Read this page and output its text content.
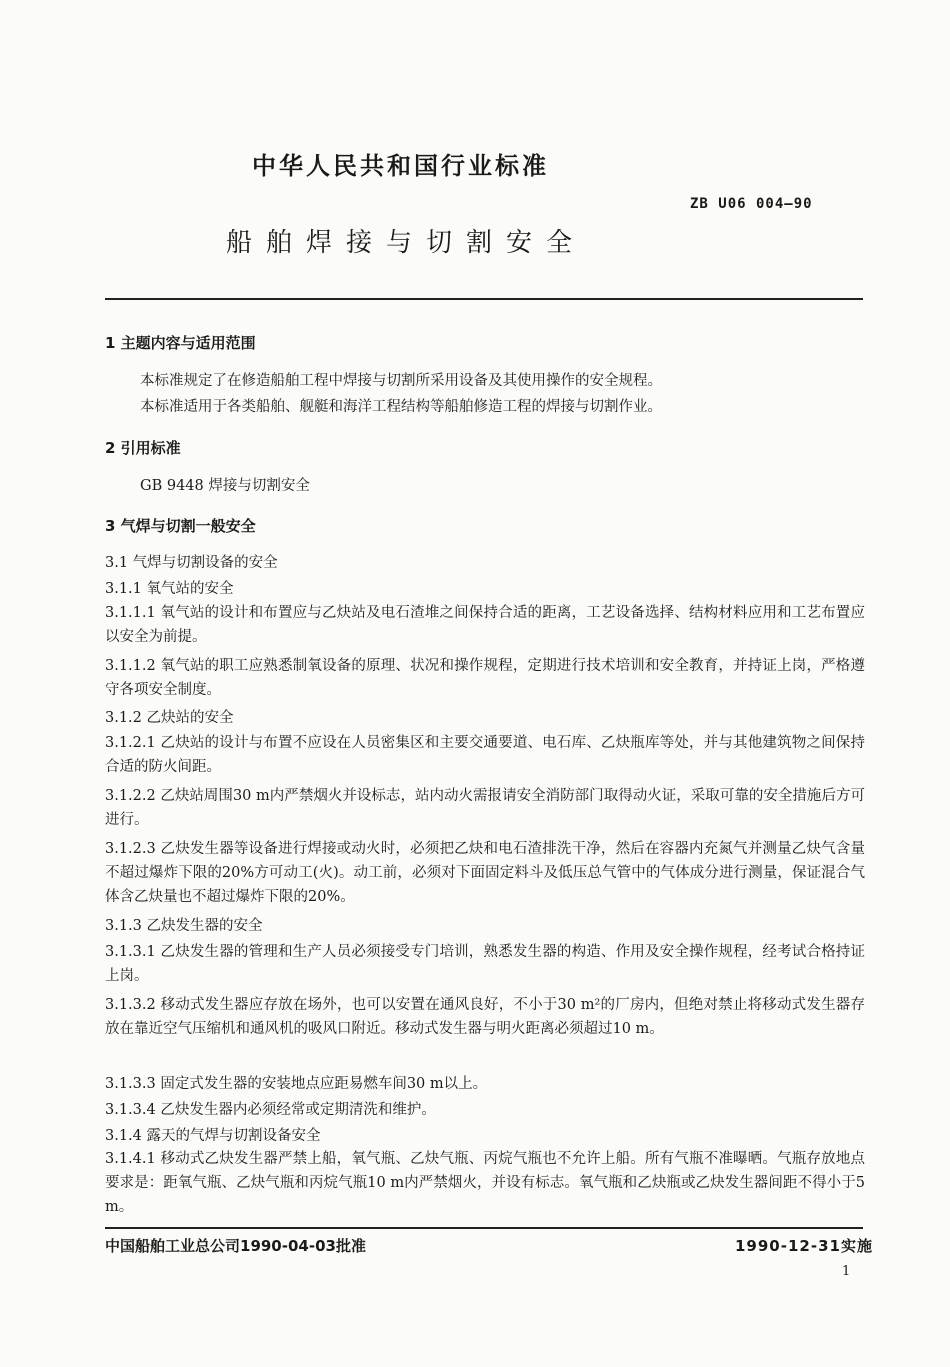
中华人民共和国行业标准
ZB U06 004—90
船舶焊接与切割安全
1 主题内容与适用范围
本标准规定了在修造船舶工程中焊接与切割所采用设备及其使用操作的安全规程。
本标准适用于各类船舶、舰艇和海洋工程结构等船舶修造工程的焊接与切割作业。
2 引用标准
GB 9448 焊接与切割安全
3 气焊与切割一般安全
3.1 气焊与切割设备的安全
3.1.1 氧气站的安全
3.1.1.1 氧气站的设计和布置应与乙炔站及电石渣堆之间保持合适的距离，工艺设备选择、结构材料应用和工艺布置应以安全为前提。
3.1.1.2 氧气站的职工应熟悉制氧设备的原理、状况和操作规程，定期进行技术培训和安全教育，并持证上岗，严格遵守各项安全制度。
3.1.2 乙炔站的安全
3.1.2.1 乙炔站的设计与布置不应设在人员密集区和主要交通要道、电石库、乙炔瓶库等处，并与其他建筑物之间保持合适的防火间距。
3.1.2.2 乙炔站周围30 m内严禁烟火并设标志，站内动火需报请安全消防部门取得动火证，采取可靠的安全措施后方可进行。
3.1.2.3 乙炔发生器等设备进行焊接或动火时，必须把乙炔和电石渣排洗干净，然后在容器内充氮气并测量乙炔气含量不超过爆炸下限的20%方可动工(火)。动工前，必须对下面固定料斗及低压总气管中的气体成分进行测量，保证混合气体含乙炔量也不超过爆炸下限的20%。
3.1.3 乙炔发生器的安全
3.1.3.1 乙炔发生器的管理和生产人员必须接受专门培训，熟悉发生器的构造、作用及安全操作规程，经考试合格持证上岗。
3.1.3.2 移动式发生器应存放在场外，也可以安置在通风良好，不小于30 m²的厂房内，但绝对禁止将移动式发生器存放在靠近空气压缩机和通风机的吸风口附近。移动式发生器与明火距离必须超过10 m。
3.1.3.3 固定式发生器的安装地点应距易燃车间30 m以上。
3.1.3.4 乙炔发生器内必须经常或定期清洗和维护。
3.1.4 露天的气焊与切割设备安全
3.1.4.1 移动式乙炔发生器严禁上船，氧气瓶、乙炔气瓶、丙烷气瓶也不允许上船。所有气瓶不准曝晒。气瓶存放地点要求是：距氧气瓶、乙炔气瓶和丙烷气瓶10 m内严禁烟火，并设有标志。氧气瓶和乙炔瓶或乙炔发生器间距不得小于5 m。
中国船舶工业总公司1990-04-03批准	1990-12-31实施
1
